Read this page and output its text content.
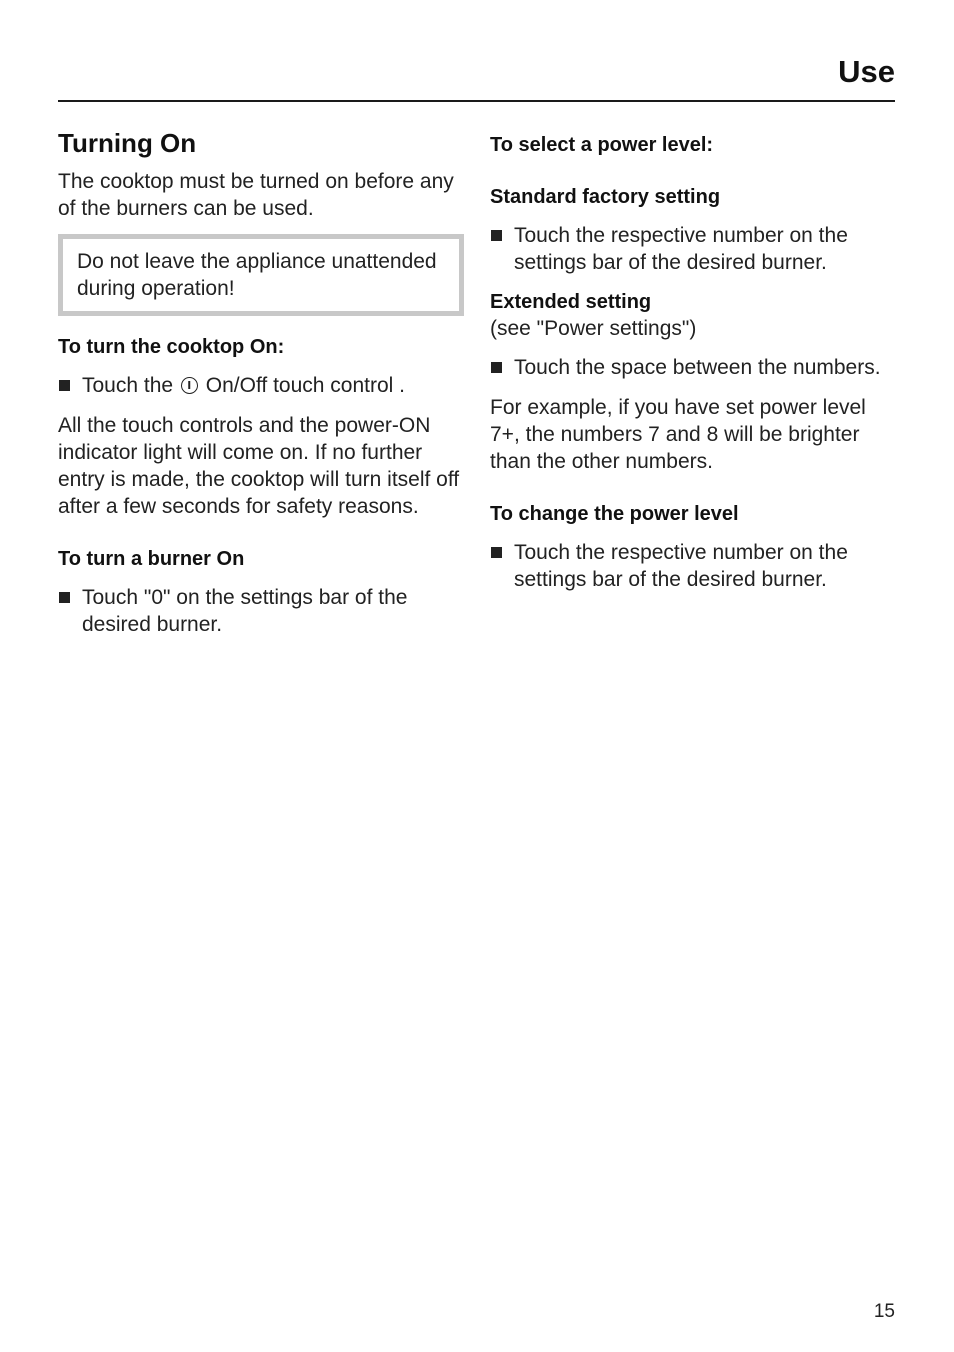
Use
Turning On

The cooktop must be turned on before any of the burners can be used.

Do not leave the appliance unattended during operation!

To turn the cooktop On:
Touch the On/Off touch control .

All the touch controls and the power-ON indicator light will come on. If no further entry is made, the cooktop will turn itself off after a few seconds for safety reasons.

To turn a burner On
Touch "0" on the settings bar of the desired burner.
To select a power level:
Standard factory setting
Touch the respective number on the settings bar of the desired burner.
Extended setting

(see "Power settings")

Touch the space between the numbers.

For example, if you have set power level 7+, the numbers 7 and 8 will be brighter than the other numbers.

To change the power level
Touch the respective number on the settings bar of the desired burner.
15
